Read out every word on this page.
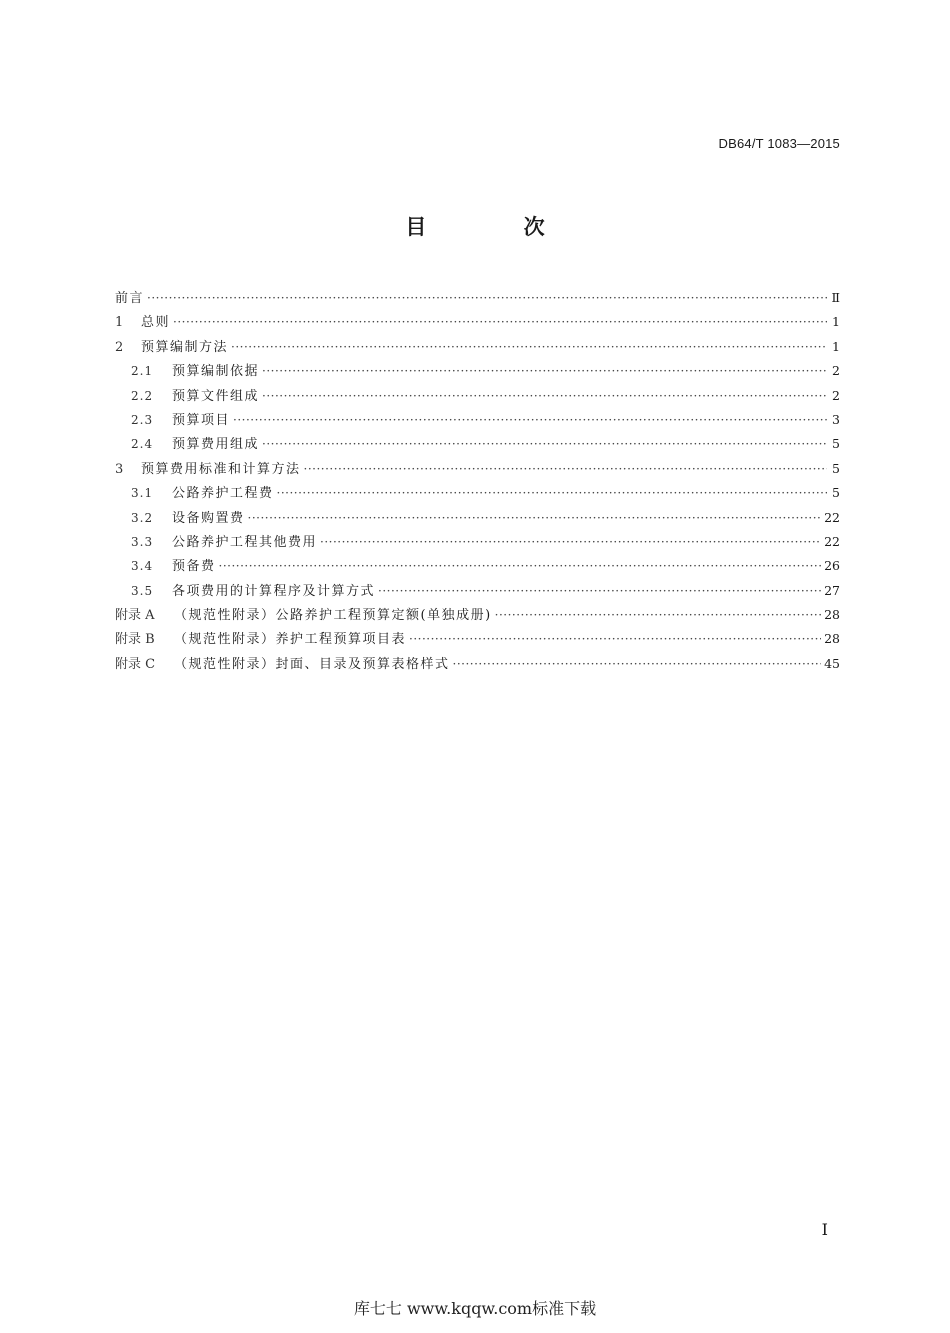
DB64/T 1083—2015
目 次
前言 ·····	Ⅱ
1	总则 ·····	1
2	预算编制方法 ·····	1
2.1	预算编制依据 ·····	2
2.2	预算文件组成 ·····	2
2.3	预算项目 ·····	3
2.4	预算费用组成 ·····	5
3	预算费用标准和计算方法 ·····	5
3.1	公路养护工程费 ·····	5
3.2	设备购置费 ·····	22
3.3	公路养护工程其他费用 ·····	22
3.4	预备费 ·····	26
3.5	各项费用的计算程序及计算方式 ·····	27
附录 A	（规范性附录）公路养护工程预算定额(单独成册) ·····	28
附录 B	（规范性附录）养护工程预算项目表 ·····	28
附录 C	（规范性附录）封面、目录及预算表格样式 ·····	45
Ⅰ
库七七 www.kqqw.com标准下载
